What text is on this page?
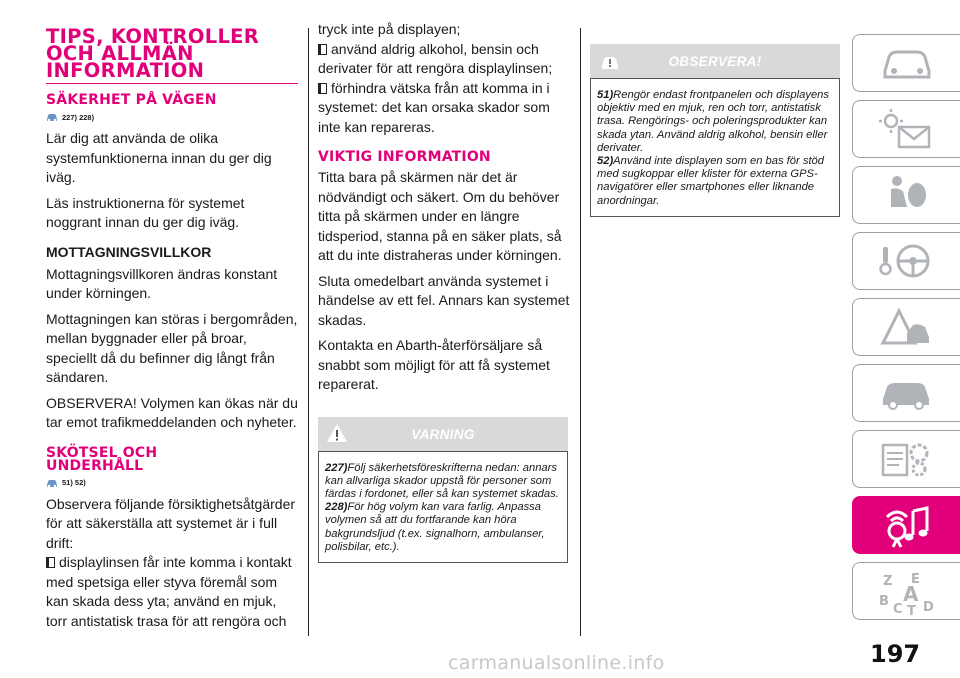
TIPS, KONTROLLER
OCH ALLMÄN
INFORMATION
SÄKERHET PÅ VÄGEN
227) 228)

Lär dig att använda de olika systemfunktionerna innan du ger dig iväg.

Läs instruktionerna för systemet noggrant innan du ger dig iväg.

MOTTAGNINGSVILLKOR

Mottagningsvillkoren ändras konstant under körningen.

Mottagningen kan störas i bergområden, mellan byggnader eller på broar, speciellt då du befinner dig långt från sändaren.

OBSERVERA! Volymen kan ökas när du tar emot trafikmeddelanden och nyheter.

SKÖTSEL OCH
UNDERHÅLL
51) 52)

Observera följande försiktighetsåtgärder för att säkerställa att systemet är i full drift:

displaylinsen får inte komma i kontakt med spetsiga eller styva föremål som kan skada dess yta; använd en mjuk, torr antistatisk trasa för att rengöra och

tryck inte på displayen;

använd aldrig alkohol, bensin och derivater för att rengöra displaylinsen;

förhindra vätska från att komma in i systemet: det kan orsaka skador som inte kan repareras.

VIKTIG INFORMATION

Titta bara på skärmen när det är nödvändigt och säkert. Om du behöver titta på skärmen under en längre tidsperiod, stanna på en säker plats, så att du inte distraheras under körningen.

Sluta omedelbart använda systemet i händelse av ett fel. Annars kan systemet skadas.

Kontakta en Abarth-återförsäljare så snabbt som möjligt för att få systemet reparerat.

VARNING
227)Följ säkerhetsföreskrifterna nedan: annars kan allvarliga skador uppstå för personer som färdas i fordonet, eller så kan systemet skadas.
228)För hög volym kan vara farlig. Anpassa volymen så att du fortfarande kan höra bakgrundsljud (t.ex. signalhorn, ambulanser, polisbilar, etc.).
OBSERVERA!
51)Rengör endast frontpanelen och displayens objektiv med en mjuk, ren och torr, antistatisk trasa. Rengörings- och poleringsprodukter kan skada ytan. Använd aldrig alkohol, bensin eller derivater.
52)Använd inte displayen som en bas för stöd med sugkoppar eller klister för externa GPS-navigatörer eller smartphones eller liknande anordningar.
Z E
B A
C T D
197
carmanualsonline.info
